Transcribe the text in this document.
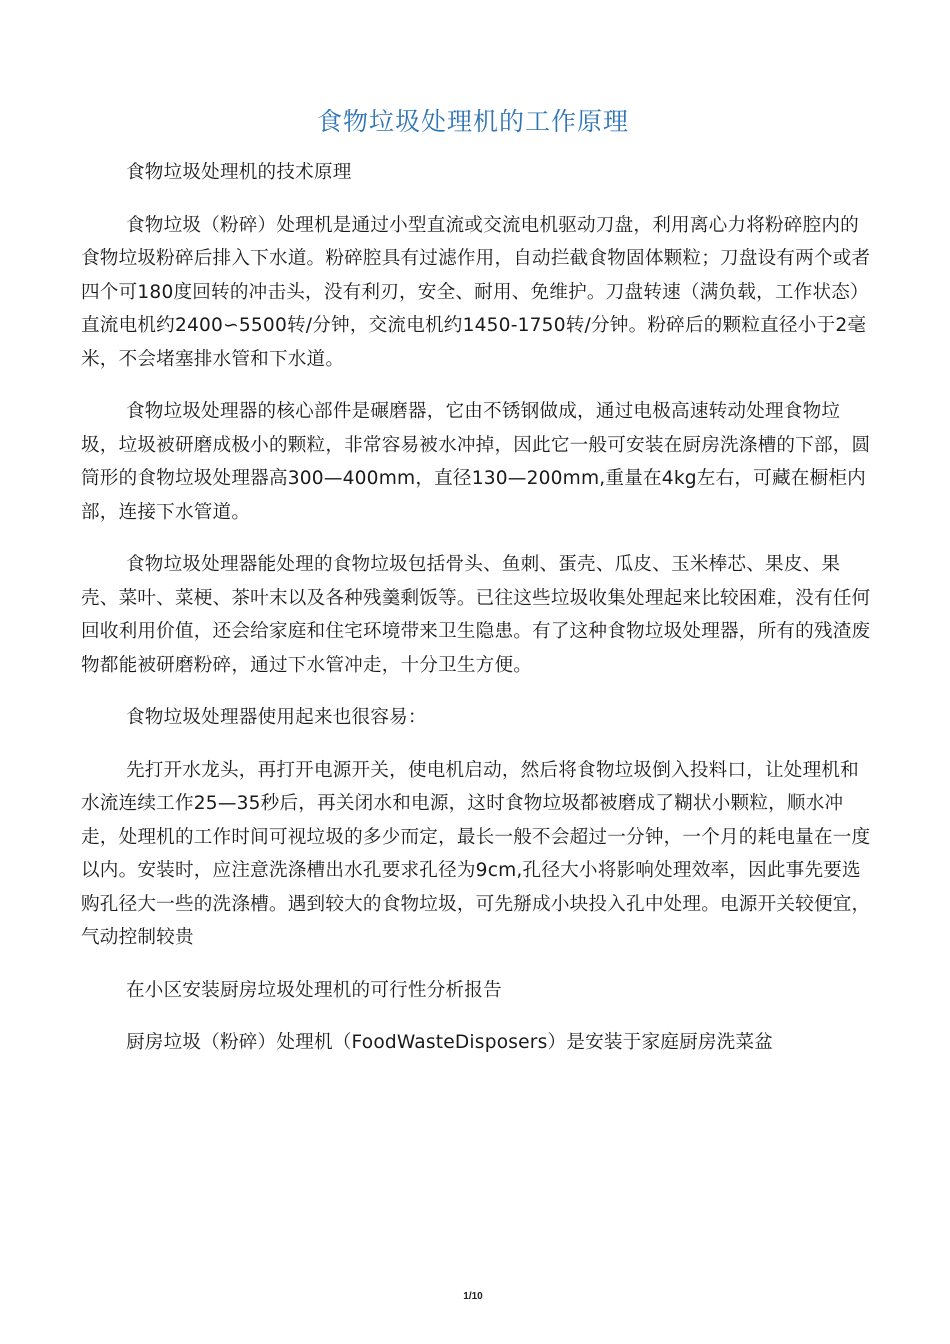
食物垃圾处理机的工作原理

食物垃圾处理机的技术原理

食物垃圾（粉碎）处理机是通过小型直流或交流电机驱动刀盘，利用离心力将粉碎腔内的食物垃圾粉碎后排入下水道。粉碎腔具有过滤作用，自动拦截食物固体颗粒；刀盘设有两个或者四个可180度回转的冲击头，没有利刃，安全、耐用、免维护。刀盘转速（满负载，工作状态）直流电机约2400∽5500转/分钟，交流电机约1450-1750转/分钟。粉碎后的颗粒直径小于2毫米，不会堵塞排水管和下水道。

食物垃圾处理器的核心部件是碾磨器，它由不锈钢做成，通过电极高速转动处理食物垃圾，垃圾被研磨成极小的颗粒，非常容易被水冲掉，因此它一般可安装在厨房洗涤槽的下部，圆筒形的食物垃圾处理器高300—400mm，直径130—200mm,重量在4kg左右，可藏在橱柜内部，连接下水管道。

食物垃圾处理器能处理的食物垃圾包括骨头、鱼刺、蛋壳、瓜皮、玉米棒芯、果皮、果壳、菜叶、菜梗、茶叶末以及各种残羹剩饭等。已往这些垃圾收集处理起来比较困难，没有任何回收利用价值，还会给家庭和住宅环境带来卫生隐患。有了这种食物垃圾处理器，所有的残渣废物都能被研磨粉碎，通过下水管冲走，十分卫生方便。

食物垃圾处理器使用起来也很容易：

先打开水龙头，再打开电源开关，使电机启动，然后将食物垃圾倒入投料口，让处理机和水流连续工作25—35秒后，再关闭水和电源，这时食物垃圾都被磨成了糊状小颗粒，顺水冲走，处理机的工作时间可视垃圾的多少而定，最长一般不会超过一分钟，一个月的耗电量在一度以内。安装时，应注意洗涤槽出水孔要求孔径为9cm,孔径大小将影响处理效率，因此事先要选购孔径大一些的洗涤槽。遇到较大的食物垃圾，可先掰成小块投入孔中处理。电源开关较便宜，气动控制较贵

在小区安装厨房垃圾处理机的可行性分析报告

厨房垃圾（粉碎）处理机（FoodWasteDisposers）是安装于家庭厨房洗菜盆

1/10
